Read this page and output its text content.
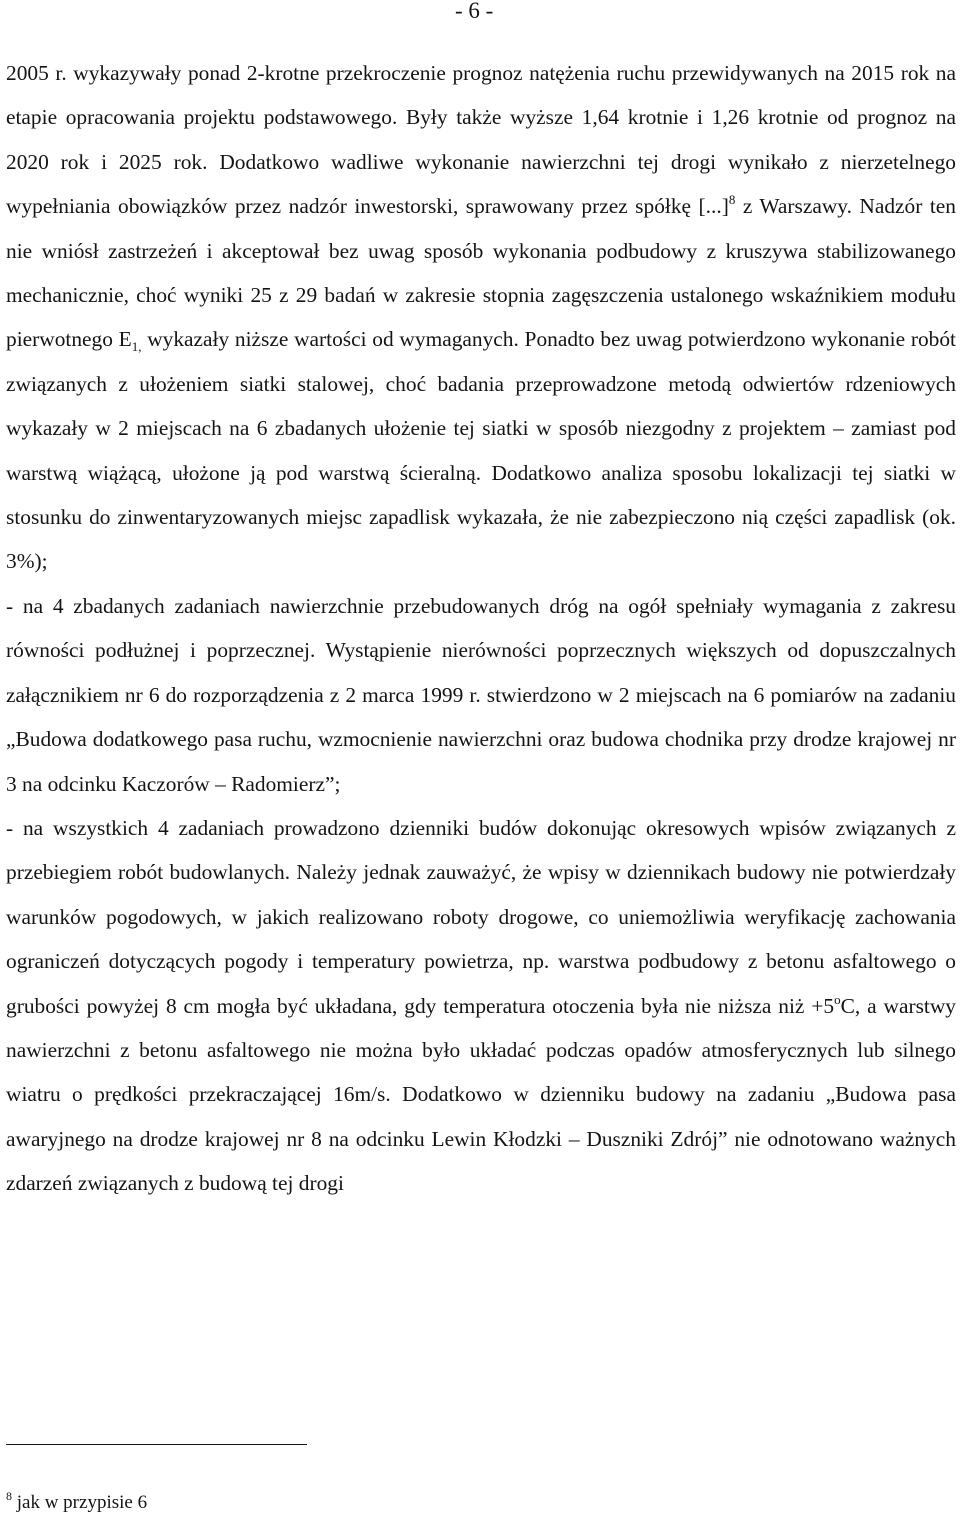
- 6 -

2005 r. wykazywały ponad 2-krotne przekroczenie prognoz natężenia ruchu przewidywanych na 2015 rok na etapie opracowania projektu podstawowego. Były także wyższe 1,64 krotnie i 1,26 krotnie od prognoz na 2020 rok i 2025 rok. Dodatkowo wadliwe wykonanie nawierzchni tej drogi wynikało z nierzetelnego wypełniania obowiązków przez nadzór inwestorski, sprawowany przez spółkę [...]$^8$ z Warszawy. Nadzór ten nie wniósł zastrzeżeń i akceptował bez uwag sposób wykonania podbudowy z kruszywa stabilizowanego mechanicznie, choć wyniki 25 z 29 badań w zakresie stopnia zagęszczenia ustalonego wskaźnikiem modułu pierwotnego $E_{1,}$ wykazały niższe wartości od wymaganych. Ponadto bez uwag potwierdzono wykonanie robót związanych z ułożeniem siatki stalowej, choć badania przeprowadzone metodą odwiertów rdzeniowych wykazały w 2 miejscach na 6 zbadanych ułożenie tej siatki w sposób niezgodny z projektem – zamiast pod warstwą wiążącą, ułożone ją pod warstwą ścieralną. Dodatkowo analiza sposobu lokalizacji tej siatki w stosunku do zinwentaryzowanych miejsc zapadlisk wykazała, że nie zabezpieczono nią części zapadlisk (ok. 3%);

- na 4 zbadanych zadaniach nawierzchnie przebudowanych dróg na ogół spełniały wymagania z zakresu równości podłużnej i poprzecznej. Wystąpienie nierówności poprzecznych większych od dopuszczalnych załącznikiem nr 6 do rozporządzenia z 2 marca 1999 r. stwierdzono w 2 miejscach na 6 pomiarów na zadaniu „Budowa dodatkowego pasa ruchu, wzmocnienie nawierzchni oraz budowa chodnika przy drodze krajowej nr 3 na odcinku Kaczorów – Radomierz”;

- na wszystkich 4 zadaniach prowadzono dzienniki budów dokonując okresowych wpisów związanych z przebiegiem robót budowlanych. Należy jednak zauważyć, że wpisy w dziennikach budowy nie potwierdzały warunków pogodowych, w jakich realizowano roboty drogowe, co uniemożliwia weryfikację zachowania ograniczeń dotyczących pogody i temperatury powietrza, np. warstwa podbudowy z betonu asfaltowego o grubości powyżej 8 cm mogła być układana, gdy temperatura otoczenia była nie niższa niż $+5^oC$, a warstwy nawierzchni z betonu asfaltowego nie można było układać podczas opadów atmosferycznych lub silnego wiatru o prędkości przekraczającej 16m/s. Dodatkowo w dzienniku budowy na zadaniu „Budowa pasa awaryjnego na drodze krajowej nr 8 na odcinku Lewin Kłodzki – Duszniki Zdrój” nie odnotowano ważnych zdarzeń związanych z budową tej drogi

$^8$ jak w przypisie 6
